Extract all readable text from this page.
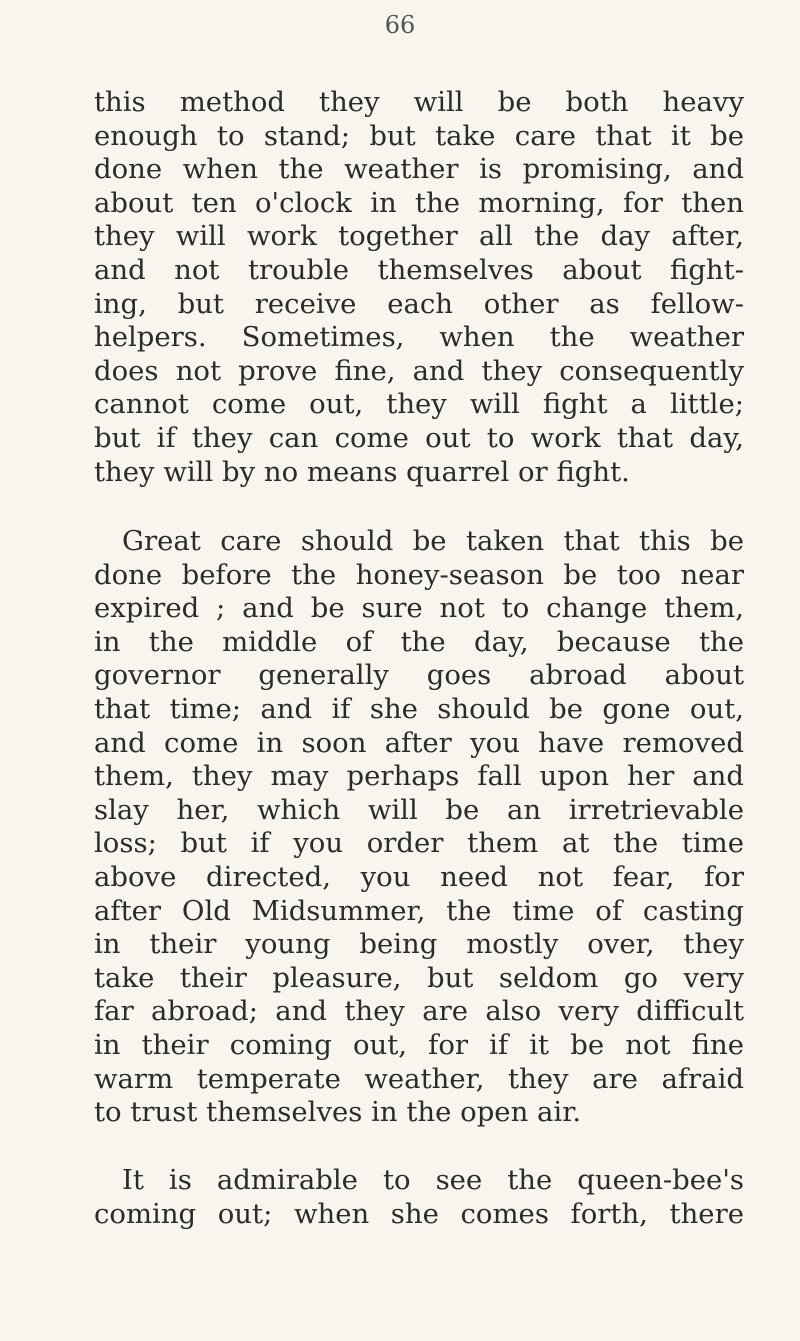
66
this method they will be both heavy
enough to stand; but take care that it be
done when the weather is promising, and
about ten o'clock in the morning, for then
they will work together all the day after,
and not trouble themselves about fight-
ing, but receive each other as fellow-
helpers. Sometimes, when the weather
does not prove fine, and they consequently
cannot come out, they will fight a little;
but if they can come out to work that day,
they will by no means quarrel or fight.
Great care should be taken that this be
done before the honey-season be too near
expired ; and be sure not to change them,
in the middle of the day, because the
governor generally goes abroad about
that time; and if she should be gone out,
and come in soon after you have removed
them, they may perhaps fall upon her and
slay her, which will be an irretrievable
loss; but if you order them at the time
above directed, you need not fear, for
after Old Midsummer, the time of casting
in their young being mostly over, they
take their pleasure, but seldom go very
far abroad; and they are also very difficult
in their coming out, for if it be not fine
warm temperate weather, they are afraid
to trust themselves in the open air.
It is admirable to see the queen-bee's
coming out; when she comes forth, there
